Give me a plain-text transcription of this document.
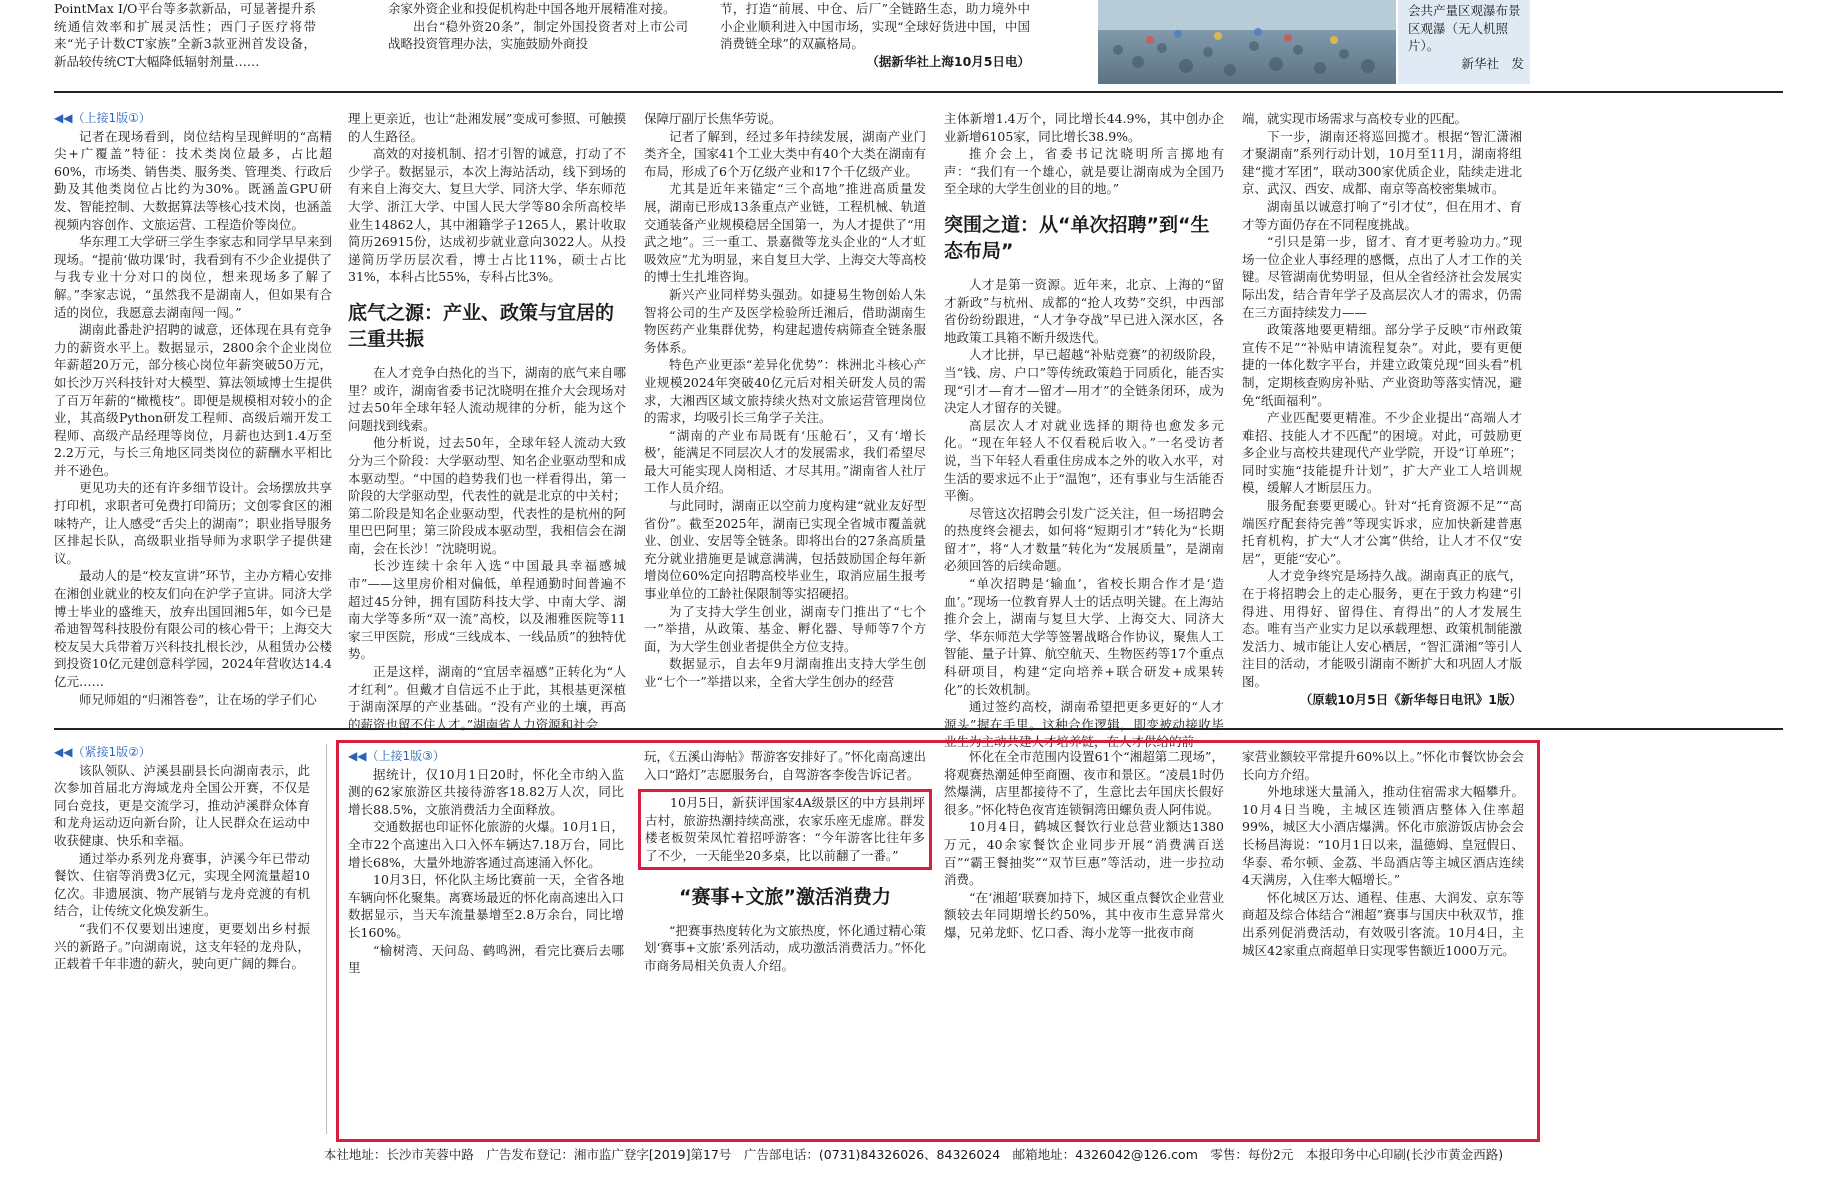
PointMax I/O平台等多款新品，可显著提升系统通信效率和扩展灵活性；西门子医疗将带来“光子计数CT家族”全新3款亚洲首发设备，新品较传统CT大幅降低辐射剂量……

余家外资企业和投促机构赴中国各地开展精准对接。

出台“稳外资20条”，制定外国投资者对上市公司战略投资管理办法，实施鼓励外商投

节，打造“前展、中仓、后厂”全链路生态，助力境外中小企业顺利进入中国市场，实现“全球好货进中国，中国消费链全球”的双赢格局。

（据新华社上海10月5日电）
会共产量区观瀑布景区观瀑（无人机照片）。
新华社　发
◀◀（上接1版①）

记者在现场看到，岗位结构呈现鲜明的“高精尖+广覆盖”特征：技术类岗位最多，占比超60%，市场类、销售类、服务类、管理类、行政后勤及其他类岗位占比约为30%。既涵盖GPU研发、智能控制、大数据算法等核心技术岗，也涵盖视频内容创作、文旅运营、工程造价等岗位。

华东理工大学研三学生李家志和同学早早来到现场。“提前‘做功课’时，我看到有不少企业提供了与我专业十分对口的岗位，想来现场多了解了解。”李家志说，“虽然我不是湖南人，但如果有合适的岗位，我愿意去湖南闯一闯。”

湖南此番赴沪招聘的诚意，还体现在具有竞争力的薪资水平上。数据显示，2800余个企业岗位年薪超20万元，部分核心岗位年薪突破50万元，如长沙万兴科技针对大模型、算法领域博士生提供了百万年薪的“橄榄枝”。即便是规模相对较小的企业，其高级Python研发工程师、高级后端开发工程师、高级产品经理等岗位，月薪也达到1.4万至2.2万元，与长三角地区同类岗位的薪酬水平相比并不逊色。

更见功夫的还有许多细节设计。会场摆放共享打印机，求职者可免费打印简历；文创零食区的湘味特产，让人感受“舌尖上的湖南”；职业指导服务区排起长队，高级职业指导师为求职学子提供建议。

最动人的是“校友宣讲”环节，主办方精心安排在湘创业就业的校友们向在沪学子宣讲。同济大学博士毕业的盛维天，放弃出国回湘5年，如今已是希迪智驾科技股份有限公司的核心骨干；上海交大校友吴大兵带着万兴科技扎根长沙，从租赁办公楼到投资10亿元建创意科学园，2024年营收达14.4亿元……

师兄师姐的“归湘答卷”，让在场的学子们心

理上更亲近，也让“赴湘发展”变成可参照、可触摸的人生路径。

高效的对接机制、招才引智的诚意，打动了不少学子。数据显示，本次上海站活动，线下到场的有来自上海交大、复旦大学、同济大学、华东师范大学、浙江大学、中国人民大学等80余所高校毕业生14862人，其中湘籍学子1265人，累计收取简历26915份，达成初步就业意向3022人。从投递简历学历层次看，博士占比11%，硕士占比31%，本科占比55%，专科占比3%。

底气之源：产业、政策与宜居的三重共振

在人才竞争白热化的当下，湖南的底气来自哪里？或许，湖南省委书记沈晓明在推介大会现场对过去50年全球年轻人流动规律的分析，能为这个问题找到线索。

他分析说，过去50年，全球年轻人流动大致分为三个阶段：大学驱动型、知名企业驱动型和成本驱动型。“中国的趋势我们也一样看得出，第一阶段的大学驱动型，代表性的就是北京的中关村；第二阶段是知名企业驱动型，代表性的是杭州的阿里巴巴阿里；第三阶段成本驱动型，我相信会在湖南，会在长沙！”沈晓明说。

长沙连续十余年入选“中国最具幸福感城市”——这里房价相对偏低，单程通勤时间普遍不超过45分钟，拥有国防科技大学、中南大学、湖南大学等多所“双一流”高校，以及湘雅医院等11家三甲医院，形成“三线成本、一线品质”的独特优势。

正是这样，湖南的“宜居幸福感”正转化为“人才红利”。但戴才自信远不止于此，其根基更深植于湖南深厚的产业基础。“没有产业的土壤，再高的薪资也留不住人才。”湖南省人力资源和社会

保障厅副厅长焦华劳说。

记者了解到，经过多年持续发展，湖南产业门类齐全，国家41个工业大类中有40个大类在湖南有布局，形成了6个万亿级产业和17个千亿级产业。

尤其是近年来锚定“三个高地”推进高质量发展，湖南已形成13条重点产业链，工程机械、轨道交通装备产业规模稳居全国第一，为人才提供了“用武之地”。三一重工、景嘉微等龙头企业的“人才虹吸效应”尤为明显，来自复旦大学、上海交大等高校的博士生扎堆咨询。

新兴产业同样势头强劲。如捷易生物创始人朱智将公司的生产及医学检验所迁湘后，借助湖南生物医药产业集群优势，构建起遗传病筛查全链条服务体系。

特色产业更添“差异化优势”：株洲北斗核心产业规模2024年突破40亿元后对相关研发人员的需求，大湘西区域文旅持续火热对文旅运营管理岗位的需求，均吸引长三角学子关注。

“湖南的产业布局既有‘压舱石’，又有‘增长极’，能满足不同层次人才的发展需求，我们希望尽最大可能实现人岗相适、才尽其用。”湖南省人社厅工作人员介绍。

与此同时，湖南正以空前力度构建“就业友好型省份”。截至2025年，湖南已实现全省城市覆盖就业、创业、安居等全链条。即将出台的27条高质量充分就业措施更是诚意满满，包括鼓励国企每年新增岗位60%定向招聘高校毕业生，取消应届生报考事业单位的工龄社保限制等实招硬招。

为了支持大学生创业，湖南专门推出了“七个一”举措，从政策、基金、孵化器、导师等7个方面，为大学生创业者提供全方位支持。

数据显示，自去年9月湖南推出支持大学生创业“七个一”举措以来，全省大学生创办的经营

主体新增1.4万个，同比增长44.9%，其中创办企业新增6105家，同比增长38.9%。

推介会上，省委书记沈晓明所言掷地有声：“我们有一个雄心，就是要让湖南成为全国乃至全球的大学生创业的目的地。”

突围之道：从“单次招聘”到“生态布局”

人才是第一资源。近年来，北京、上海的“留才新政”与杭州、成都的“抢人攻势”交织，中西部省份纷纷跟进，“人才争夺战”早已进入深水区，各地政策工具箱不断升级迭代。

人才比拼，早已超越“补贴竞赛”的初级阶段，当“钱、房、户口”等传统政策趋于同质化，能否实现“引才—育才—留才—用才”的全链条闭环，成为决定人才留存的关键。

高层次人才对就业选择的期待也愈发多元化。“现在年轻人不仅看税后收入。”一名受访者说，当下年轻人看重住房成本之外的收入水平，对生活的要求远不止于“温饱”，还有事业与生活能否平衡。

尽管这次招聘会引发广泛关注，但一场招聘会的热度终会褪去，如何将“短期引才”转化为“长期留才”，将“人才数量”转化为“发展质量”，是湖南必须回答的后续命题。

“单次招聘是‘输血’，省校长期合作才是‘造血’。”现场一位教育界人士的话点明关键。在上海站推介会上，湖南与复旦大学、上海交大、同济大学、华东师范大学等签署战略合作协议，聚焦人工智能、量子计算、航空航天、生物医药等17个重点科研项目，构建“定向培养+联合研发+成果转化”的长效机制。

通过签约高校，湖南希望把更多更好的“人才源头”握在手里。这种合作逻辑，即变被动接收毕业生为主动共建人才培养链，在人才供给的前

端，就实现市场需求与高校专业的匹配。

下一步，湖南还将巡回揽才。根据“智汇潇湘　才聚湖南”系列行动计划，10月至11月，湖南将组建“揽才军团”，联动300家优质企业，陆续走进北京、武汉、西安、成都、南京等高校密集城市。

湖南虽以诚意打响了“引才仗”，但在用才、育才等方面仍存在不同程度挑战。

“引只是第一步，留才、育才更考验功力。”现场一位企业人事经理的感慨，点出了人才工作的关键。尽管湖南优势明显，但从全省经济社会发展实际出发，结合青年学子及高层次人才的需求，仍需在三方面持续发力——

政策落地要更精细。部分学子反映“市州政策宣传不足”“补贴申请流程复杂”。对此，要有更便捷的一体化数字平台，并建立政策兑现“回头看”机制，定期核查购房补贴、产业资助等落实情况，避免“纸面福利”。

产业匹配要更精准。不少企业提出“高端人才难招、技能人才不匹配”的困境。对此，可鼓励更多企业与高校共建现代产业学院，开设“订单班”；同时实施“技能提升计划”，扩大产业工人培训规模，缓解人才断层压力。

服务配套要更暖心。针对“托育资源不足”“高端医疗配套待完善”等现实诉求，应加快新建普惠托育机构，扩大“人才公寓”供给，让人才不仅“安居”，更能“安心”。

人才竞争终究是场持久战。湖南真正的底气，在于将招聘会上的走心服务，更在于致力构建“引得进、用得好、留得住、育得出”的人才发展生态。唯有当产业实力足以承载理想、政策机制能激发活力、城市能让人安心栖居，“智汇潇湘”等引人注目的活动，才能吸引湖南不断扩大和巩固人才版图。

（原载10月5日《新华每日电讯》1版）
◀◀（紧接1版②）

该队领队、泸溪县副县长向湖南表示，此次参加首届北方海域龙舟全国公开赛，不仅是同台竞技，更是交流学习，推动泸溪群众体育和龙舟运动迈向新台阶，让人民群众在运动中收获健康、快乐和幸福。

通过举办系列龙舟赛事，泸溪今年已带动餐饮、住宿等消费3亿元，实现全网流量超10亿次。非遗展演、物产展销与龙舟竞渡的有机结合，让传统文化焕发新生。

“我们不仅要划出速度，更要划出乡村振兴的新路子。”向湖南说，这支年轻的龙舟队，正载着千年非遗的薪火，驶向更广阔的舞台。

◀◀（上接1版③）

据统计，仅10月1日20时，怀化全市纳入监测的62家旅游区共接待游客18.82万人次，同比增长88.5%，文旅消费活力全面释放。

交通数据也印证怀化旅游的火爆。10月1日，全市22个高速出入口入怀车辆达7.18万台，同比增长68%，大量外地游客通过高速涌入怀化。

10月3日，怀化队主场比赛前一天，全省各地车辆向怀化聚集。离赛场最近的怀化南高速出入口数据显示，当天车流量暴增至2.8万余台，同比增长160%。

“榆树湾、天问岛、鹤鸣洲，看完比赛后去哪里

玩，《五溪山海帖》帮游客安排好了。”怀化南高速出入口“路灯”志愿服务台，自驾游客李俊告诉记者。

10月5日，新获评国家4A级景区的中方县荆坪古村，旅游热潮持续高涨，农家乐座无虚席。群发楼老板贺荣凤忙着招呼游客：“今年游客比往年多了不少，一天能坐20多桌，比以前翻了一番。”

“赛事+文旅”激活消费力

“把赛事热度转化为文旅热度，怀化通过精心策划‘赛事+文旅’系列活动，成功激活消费活力。”怀化市商务局相关负责人介绍。

怀化在全市范围内设置61个“湘超第二现场”，将观赛热潮延伸至商圈、夜市和景区。“凌晨1时仍然爆满，店里都接待不了，生意比去年国庆长假好很多。”怀化特色夜宵连锁铜湾田螺负责人阿伟说。

10月4日，鹤城区餐饮行业总营业额达1380万元，40余家餐饮企业同步开展“消费满百送百”“霸王餐抽奖”“双节巨惠”等活动，进一步拉动消费。

“在‘湘超’联赛加持下，城区重点餐饮企业营业额较去年同期增长约50%，其中夜市生意异常火爆，兄弟龙虾、忆口香、海小龙等一批夜市商

家营业额较平常提升60%以上。”怀化市餐饮协会会长向方介绍。

外地球迷大量涌入，推动住宿需求大幅攀升。10月4日当晚，主城区连锁酒店整体入住率超99%，城区大小酒店爆满。怀化市旅游饭店协会会长杨昌海说：“10月1日以来，温德姆、皇冠假日、华泰、希尔顿、金荔、半岛酒店等主城区酒店连续4天满房，入住率大幅增长。”

怀化城区万达、通程、佳惠、大润发、京东等商超及综合体结合“湘超”赛事与国庆中秋双节，推出系列促消费活动，有效吸引客流。10月4日，主城区42家重点商超单日实现零售额近1000万元。

本社地址：长沙市芙蓉中路　广告发布登记：湘市监广登字[2019]第17号　广告部电话：(0731)84326026、84326024　邮箱地址：4326042@126.com　零售：每份2元　本报印务中心印刷(长沙市黄金西路)
